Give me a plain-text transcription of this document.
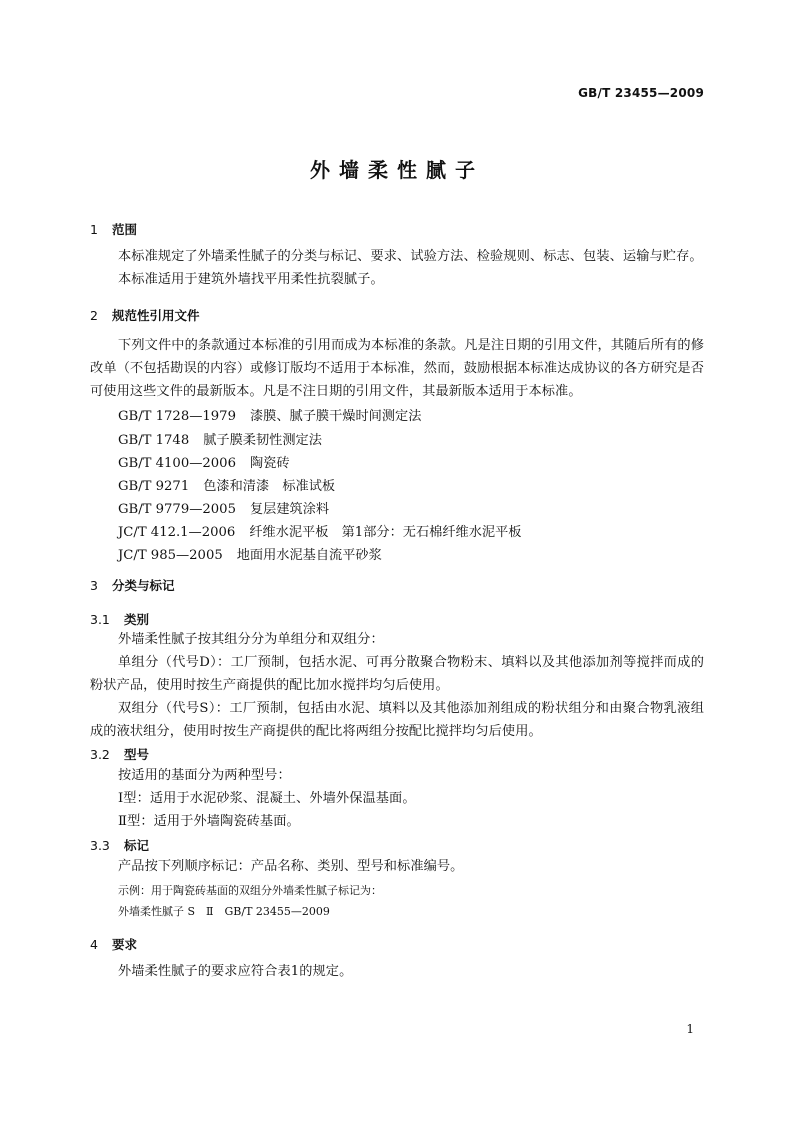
GB/T 23455—2009
外墙柔性腻子
1 范围
本标准规定了外墙柔性腻子的分类与标记、要求、试验方法、检验规则、标志、包装、运输与贮存。
本标准适用于建筑外墙找平用柔性抗裂腻子。
2 规范性引用文件
下列文件中的条款通过本标准的引用而成为本标准的条款。凡是注日期的引用文件，其随后所有的修改单（不包括勘误的内容）或修订版均不适用于本标准，然而，鼓励根据本标准达成协议的各方研究是否可使用这些文件的最新版本。凡是不注日期的引用文件，其最新版本适用于本标准。
GB/T 1728—1979 漆膜、腻子膜干燥时间测定法
GB/T 1748 腻子膜柔韧性测定法
GB/T 4100—2006 陶瓷砖
GB/T 9271 色漆和清漆　标准试板
GB/T 9779—2005 复层建筑涂料
JC/T 412.1—2006 纤维水泥平板　第1部分：无石棉纤维水泥平板
JC/T 985—2005 地面用水泥基自流平砂浆
3 分类与标记
3.1 类别
外墙柔性腻子按其组分分为单组分和双组分：
单组分（代号D）：工厂预制，包括水泥、可再分散聚合物粉末、填料以及其他添加剂等搅拌而成的粉状产品，使用时按生产商提供的配比加水搅拌均匀后使用。
双组分（代号S）：工厂预制，包括由水泥、填料以及其他添加剂组成的粉状组分和由聚合物乳液组成的液状组分，使用时按生产商提供的配比将两组分按配比搅拌均匀后使用。
3.2 型号
按适用的基面分为两种型号：
Ⅰ型：适用于水泥砂浆、混凝土、外墙外保温基面。
Ⅱ型：适用于外墙陶瓷砖基面。
3.3 标记
产品按下列顺序标记：产品名称、类别、型号和标准编号。
示例：用于陶瓷砖基面的双组分外墙柔性腻子标记为：
外墙柔性腻子 S　Ⅱ　GB/T 23455—2009
4 要求
外墙柔性腻子的要求应符合表1的规定。
1
